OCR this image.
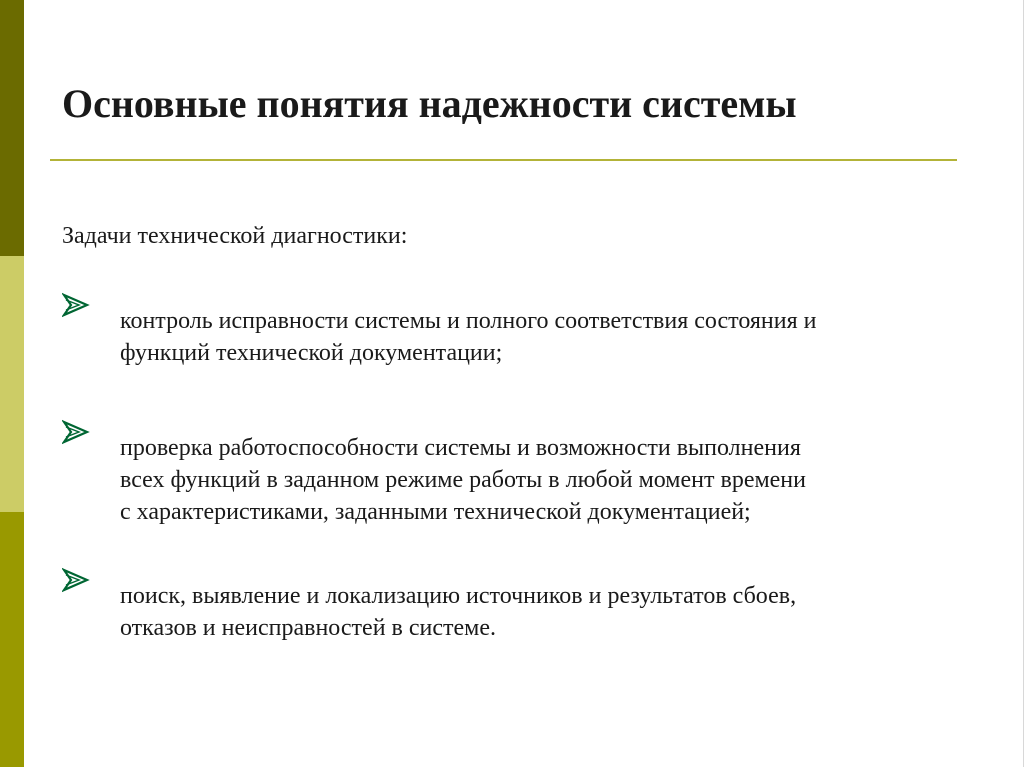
Основные понятия надежности системы
Задачи технической диагностики:
контроль исправности системы и полного соответствия состояния и
функций технической документации;
проверка работоспособности системы и возможности выполнения
всех функций в заданном режиме работы в любой момент времени
с характеристиками, заданными технической документацией;
поиск, выявление и локализацию источников и результатов сбоев,
отказов и неисправностей в системе.
